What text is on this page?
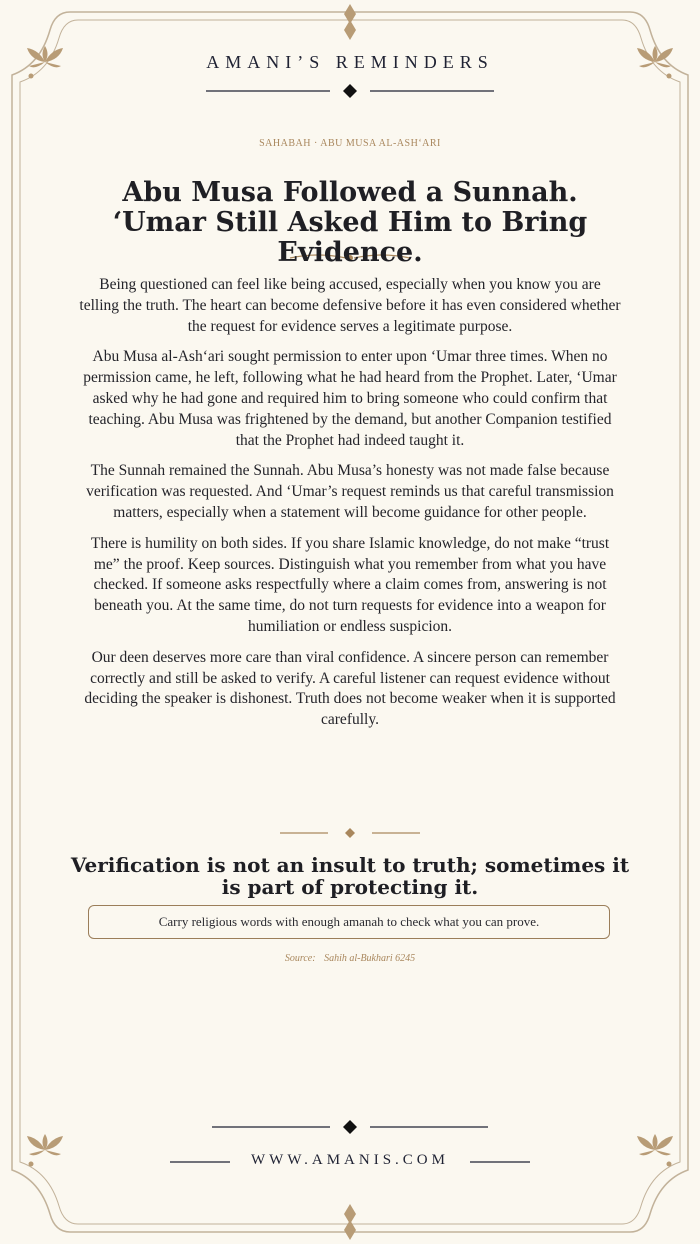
AMANI’S REMINDERS
SAHABAH · ABU MUSA AL-ASH‘ARI
Abu Musa Followed a Sunnah. ‘Umar Still Asked Him to Bring Evidence.

Being questioned can feel like being accused, especially when you know you are telling the truth. The heart can become defensive before it has even considered whether the request for evidence serves a legitimate purpose.

Abu Musa al-Ash‘ari sought permission to enter upon ‘Umar three times. When no permission came, he left, following what he had heard from the Prophet. Later, ‘Umar asked why he had gone and required him to bring someone who could confirm that teaching. Abu Musa was frightened by the demand, but another Companion testified that the Prophet had indeed taught it.

The Sunnah remained the Sunnah. Abu Musa’s honesty was not made false because verification was requested. And ‘Umar’s request reminds us that careful transmission matters, especially when a statement will become guidance for other people.

There is humility on both sides. If you share Islamic knowledge, do not make “trust me” the proof. Keep sources. Distinguish what you remember from what you have checked. If someone asks respectfully where a claim comes from, answering is not beneath you. At the same time, do not turn requests for evidence into a weapon for humiliation or endless suspicion.

Our deen deserves more care than viral confidence. A sincere person can remember correctly and still be asked to verify. A careful listener can request evidence without deciding the speaker is dishonest. Truth does not become weaker when it is supported carefully.

Verification is not an insult to truth; sometimes it is part of protecting it.
Carry religious words with enough amanah to check what you can prove.
Source: Sahih al-Bukhari 6245
WWW.AMANIS.COM
